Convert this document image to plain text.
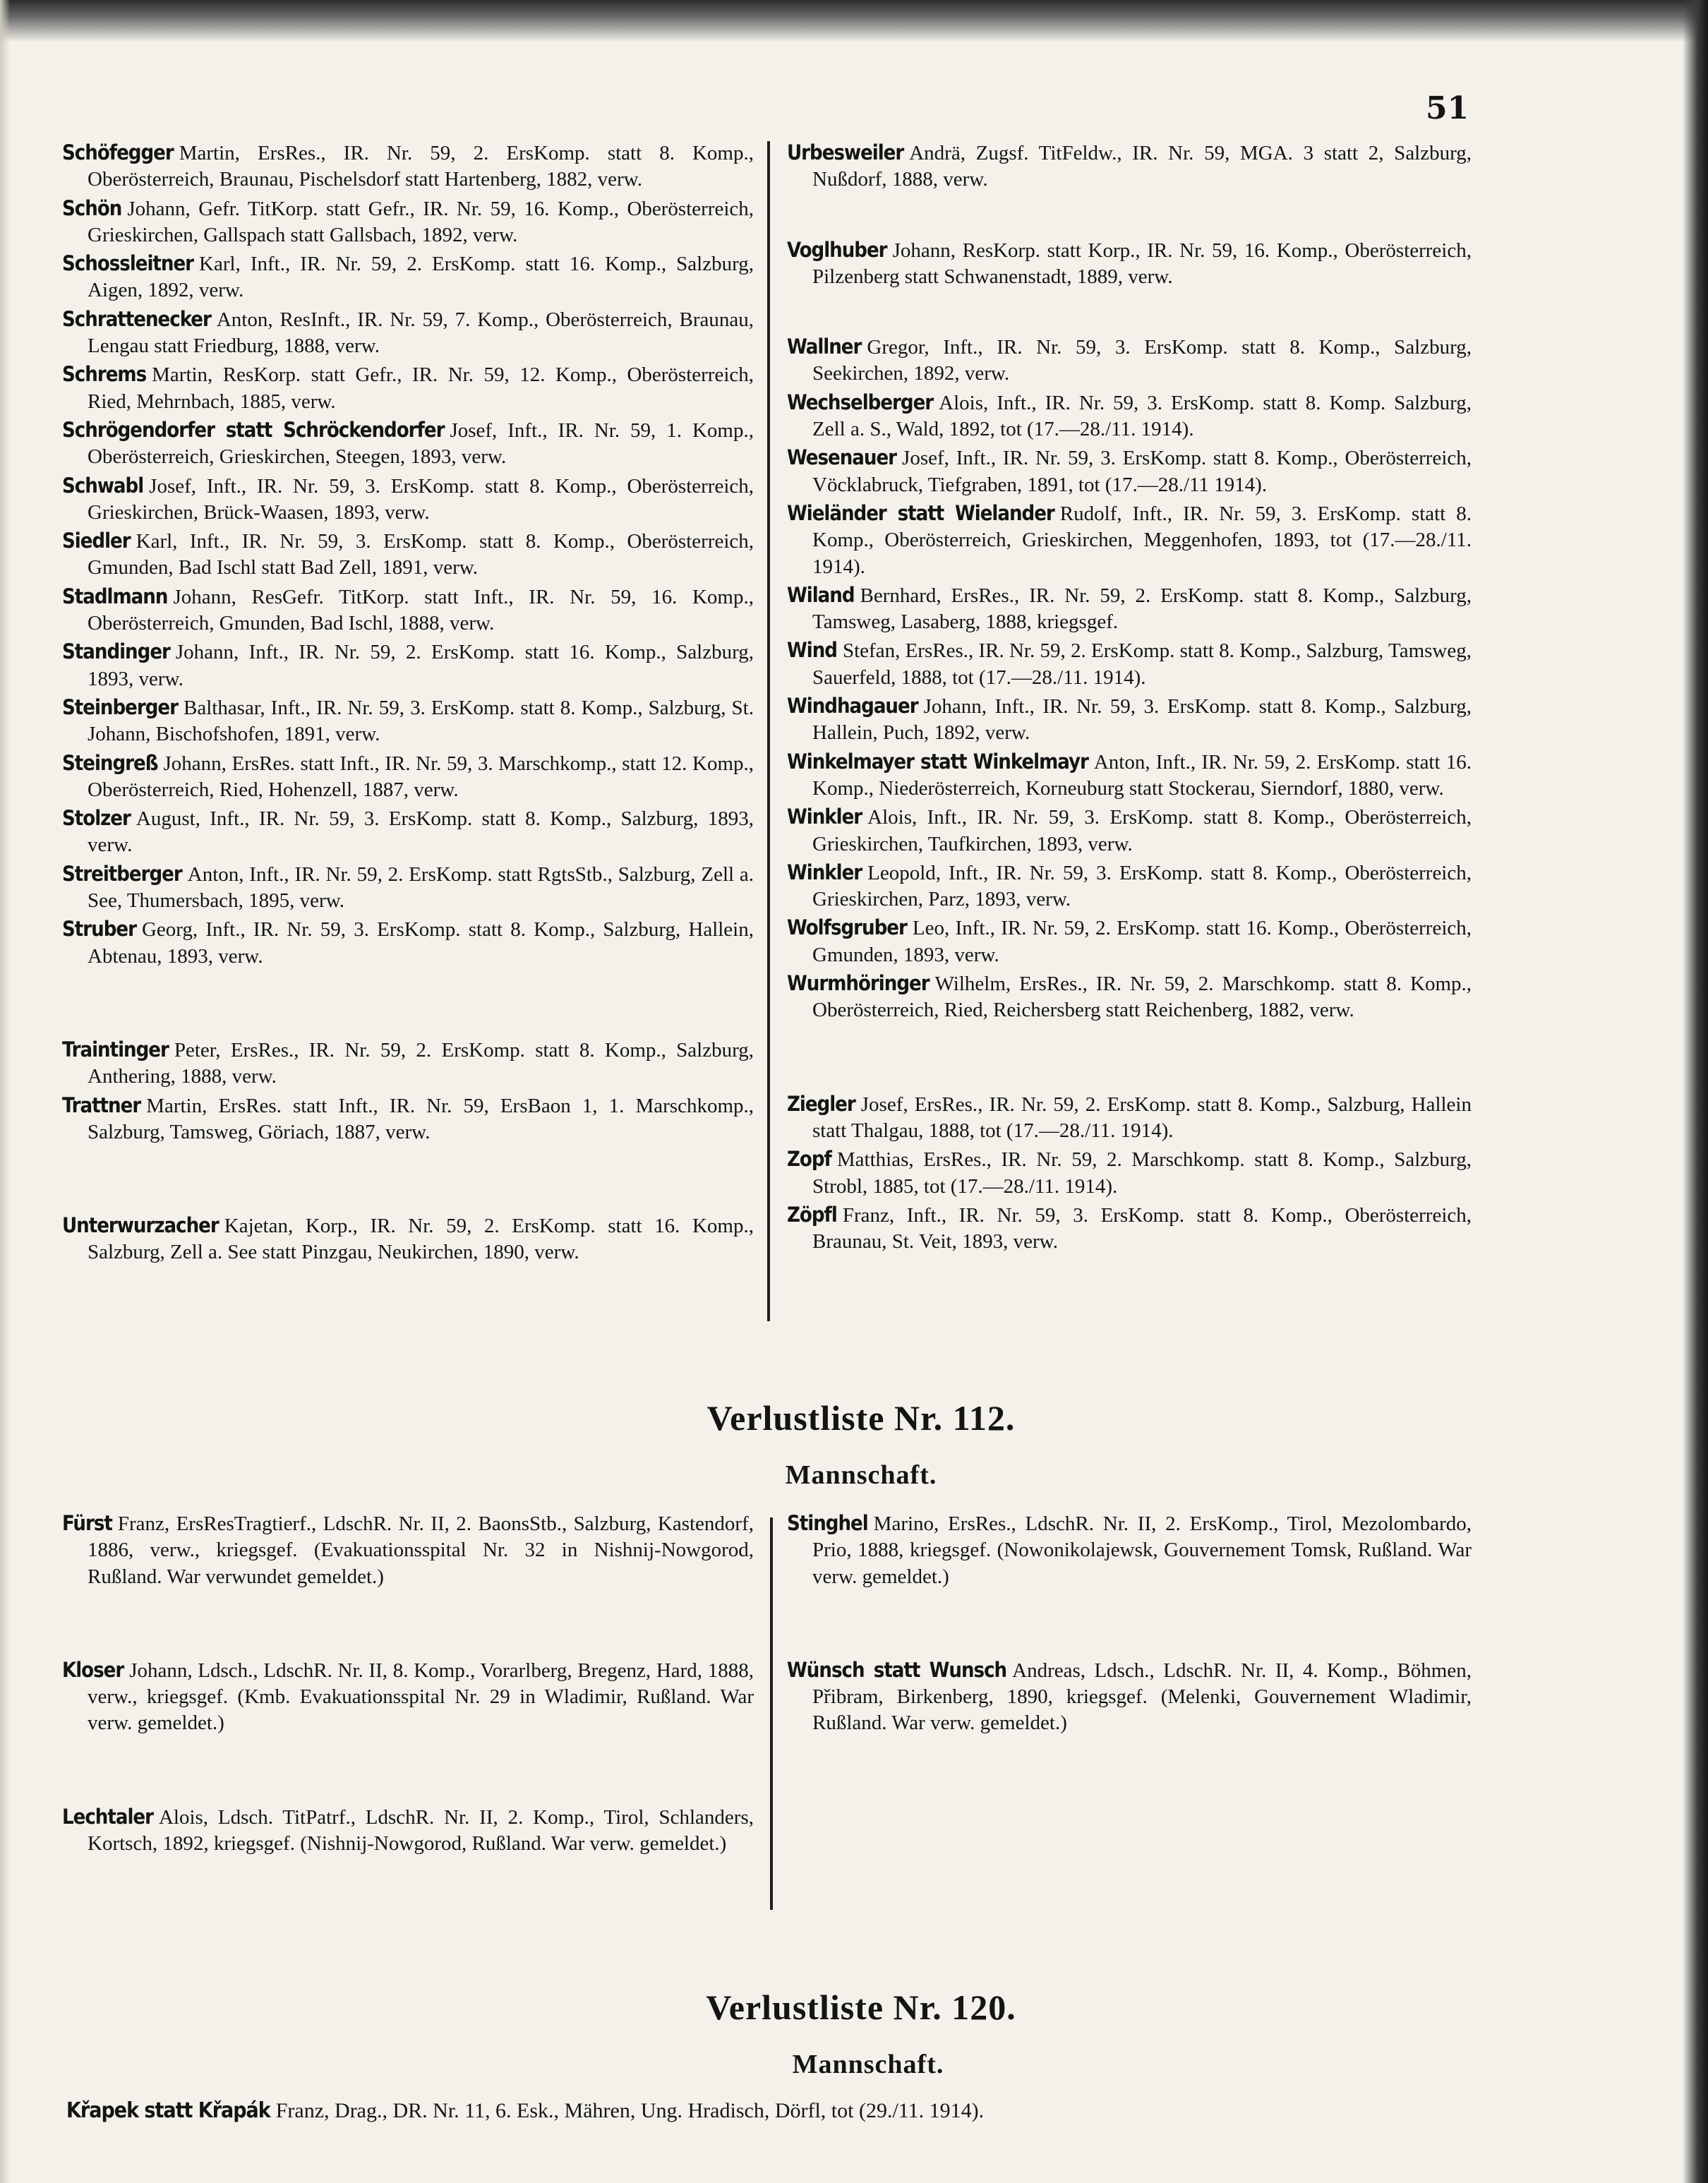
51

Schöfegger Martin, ErsRes., IR. Nr. 59, 2. ErsKomp. statt 8. Komp., Oberösterreich, Braunau, Pischelsdorf statt Hartenberg, 1882, verw.

Schön Johann, Gefr. TitKorp. statt Gefr., IR. Nr. 59, 16. Komp., Oberösterreich, Grieskirchen, Gallspach statt Gallsbach, 1892, verw.

Schossleitner Karl, Inft., IR. Nr. 59, 2. ErsKomp. statt 16. Komp., Salzburg, Aigen, 1892, verw.

Schrattenecker Anton, ResInft., IR. Nr. 59, 7. Komp., Oberösterreich, Braunau, Lengau statt Friedburg, 1888, verw.

Schrems Martin, ResKorp. statt Gefr., IR. Nr. 59, 12. Komp., Oberösterreich, Ried, Mehrnbach, 1885, verw.

Schrögendorfer statt Schröckendorfer Josef, Inft., IR. Nr. 59, 1. Komp., Oberösterreich, Grieskirchen, Steegen, 1893, verw.

Schwabl Josef, Inft., IR. Nr. 59, 3. ErsKomp. statt 8. Komp., Oberösterreich, Grieskirchen, Brück-Waasen, 1893, verw.

Siedler Karl, Inft., IR. Nr. 59, 3. ErsKomp. statt 8. Komp., Oberösterreich, Gmunden, Bad Ischl statt Bad Zell, 1891, verw.

Stadlmann Johann, ResGefr. TitKorp. statt Inft., IR. Nr. 59, 16. Komp., Oberösterreich, Gmunden, Bad Ischl, 1888, verw.

Standinger Johann, Inft., IR. Nr. 59, 2. ErsKomp. statt 16. Komp., Salzburg, 1893, verw.

Steinberger Balthasar, Inft., IR. Nr. 59, 3. ErsKomp. statt 8. Komp., Salzburg, St. Johann, Bischofshofen, 1891, verw.

Steingreß Johann, ErsRes. statt Inft., IR. Nr. 59, 3. Marschkomp., statt 12. Komp., Oberösterreich, Ried, Hohenzell, 1887, verw.

Stolzer August, Inft., IR. Nr. 59, 3. ErsKomp. statt 8. Komp., Salzburg, 1893, verw.

Streitberger Anton, Inft., IR. Nr. 59, 2. ErsKomp. statt RgtsStb., Salzburg, Zell a. See, Thumersbach, 1895, verw.

Struber Georg, Inft., IR. Nr. 59, 3. ErsKomp. statt 8. Komp., Salzburg, Hallein, Abtenau, 1893, verw.

Traintinger Peter, ErsRes., IR. Nr. 59, 2. ErsKomp. statt 8. Komp., Salzburg, Anthering, 1888, verw.

Trattner Martin, ErsRes. statt Inft., IR. Nr. 59, ErsBaon 1, 1. Marschkomp., Salzburg, Tamsweg, Göriach, 1887, verw.

Unterwurzacher Kajetan, Korp., IR. Nr. 59, 2. ErsKomp. statt 16. Komp., Salzburg, Zell a. See statt Pinzgau, Neukirchen, 1890, verw.

Urbesweiler Andrä, Zugsf. TitFeldw., IR. Nr. 59, MGA. 3 statt 2, Salzburg, Nußdorf, 1888, verw.

Voglhuber Johann, ResKorp. statt Korp., IR. Nr. 59, 16. Komp., Oberösterreich, Pilzenberg statt Schwanenstadt, 1889, verw.

Wallner Gregor, Inft., IR. Nr. 59, 3. ErsKomp. statt 8. Komp., Salzburg, Seekirchen, 1892, verw.

Wechselberger Alois, Inft., IR. Nr. 59, 3. ErsKomp. statt 8. Komp. Salzburg, Zell a. S., Wald, 1892, tot (17.—28./11. 1914).

Wesenauer Josef, Inft., IR. Nr. 59, 3. ErsKomp. statt 8. Komp., Oberösterreich, Vöcklabruck, Tiefgraben, 1891, tot (17.—28./11 1914).

Wieländer statt Wielander Rudolf, Inft., IR. Nr. 59, 3. ErsKomp. statt 8. Komp., Oberösterreich, Grieskirchen, Meggenhofen, 1893, tot (17.—28./11. 1914).

Wiland Bernhard, ErsRes., IR. Nr. 59, 2. ErsKomp. statt 8. Komp., Salzburg, Tamsweg, Lasaberg, 1888, kriegsgef.

Wind Stefan, ErsRes., IR. Nr. 59, 2. ErsKomp. statt 8. Komp., Salzburg, Tamsweg, Sauerfeld, 1888, tot (17.—28./11. 1914).

Windhagauer Johann, Inft., IR. Nr. 59, 3. ErsKomp. statt 8. Komp., Salzburg, Hallein, Puch, 1892, verw.

Winkelmayer statt Winkelmayr Anton, Inft., IR. Nr. 59, 2. ErsKomp. statt 16. Komp., Niederösterreich, Korneuburg statt Stockerau, Sierndorf, 1880, verw.

Winkler Alois, Inft., IR. Nr. 59, 3. ErsKomp. statt 8. Komp., Oberösterreich, Grieskirchen, Taufkirchen, 1893, verw.

Winkler Leopold, Inft., IR. Nr. 59, 3. ErsKomp. statt 8. Komp., Oberösterreich, Grieskirchen, Parz, 1893, verw.

Wolfsgruber Leo, Inft., IR. Nr. 59, 2. ErsKomp. statt 16. Komp., Oberösterreich, Gmunden, 1893, verw.

Wurmhöringer Wilhelm, ErsRes., IR. Nr. 59, 2. Marschkomp. statt 8. Komp., Oberösterreich, Ried, Reichersberg statt Reichenberg, 1882, verw.

Ziegler Josef, ErsRes., IR. Nr. 59, 2. ErsKomp. statt 8. Komp., Salzburg, Hallein statt Thalgau, 1888, tot (17.—28./11. 1914).

Zopf Matthias, ErsRes., IR. Nr. 59, 2. Marschkomp. statt 8. Komp., Salzburg, Strobl, 1885, tot (17.—28./11. 1914).

Zöpfl Franz, Inft., IR. Nr. 59, 3. ErsKomp. statt 8. Komp., Oberösterreich, Braunau, St. Veit, 1893, verw.

Verlustliste Nr. 112.
Mannschaft.

Fürst Franz, ErsResTragtierf., LdschR. Nr. II, 2. BaonsStb., Salzburg, Kastendorf, 1886, verw., kriegsgef. (Evakuationsspital Nr. 32 in Nishnij-Nowgorod, Rußland. War verwundet gemeldet.)

Kloser Johann, Ldsch., LdschR. Nr. II, 8. Komp., Vorarlberg, Bregenz, Hard, 1888, verw., kriegsgef. (Kmb. Evakuationsspital Nr. 29 in Wladimir, Rußland. War verw. gemeldet.)

Lechtaler Alois, Ldsch. TitPatrf., LdschR. Nr. II, 2. Komp., Tirol, Schlanders, Kortsch, 1892, kriegsgef. (Nishnij-Nowgorod, Rußland. War verw. gemeldet.)

Stinghel Marino, ErsRes., LdschR. Nr. II, 2. ErsKomp., Tirol, Mezolombardo, Prio, 1888, kriegsgef. (Nowonikolajewsk, Gouvernement Tomsk, Rußland. War verw. gemeldet.)

Wünsch statt Wunsch Andreas, Ldsch., LdschR. Nr. II, 4. Komp., Böhmen, Přibram, Birkenberg, 1890, kriegsgef. (Melenki, Gouvernement Wladimir, Rußland. War verw. gemeldet.)

Verlustliste Nr. 120.
Mannschaft.

Křapek statt Křapák Franz, Drag., DR. Nr. 11, 6. Esk., Mähren, Ung. Hradisch, Dörfl, tot (29./11. 1914).
